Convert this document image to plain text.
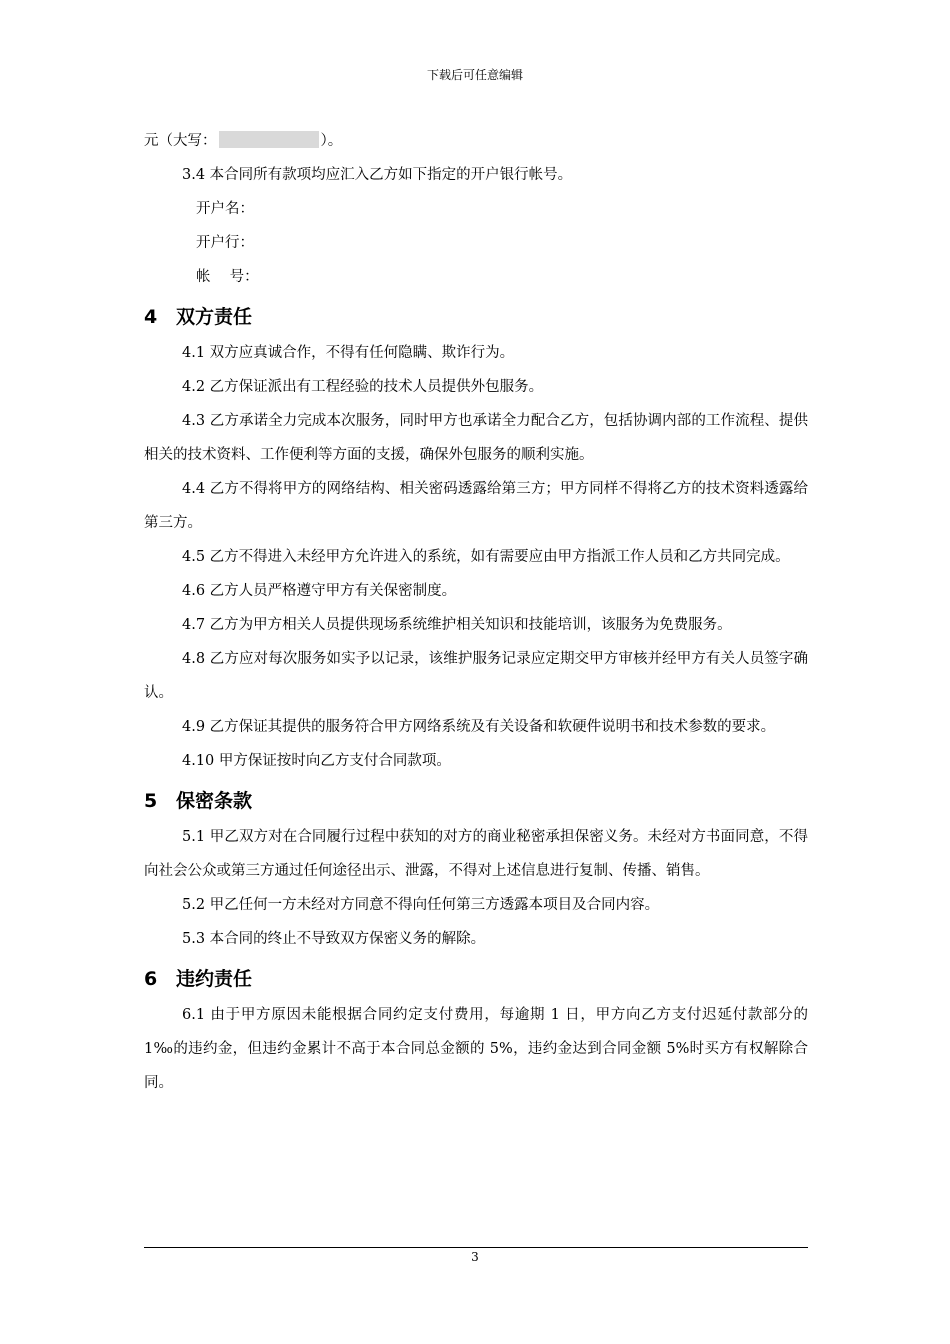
下载后可任意编辑

元（大写：	）。

3.4 本合同所有款项均应汇入乙方如下指定的开户银行帐号。

开户名：

开户行：

帐　 号：

4 双方责任

4.1 双方应真诚合作，不得有任何隐瞒、欺诈行为。

4.2 乙方保证派出有工程经验的技术人员提供外包服务。

4.3 乙方承诺全力完成本次服务，同时甲方也承诺全力配合乙方，包括协调内部的工作流程、提供相关的技术资料、工作便利等方面的支援，确保外包服务的顺利实施。

4.4 乙方不得将甲方的网络结构、相关密码透露给第三方；甲方同样不得将乙方的技术资料透露给第三方。

4.5 乙方不得进入未经甲方允许进入的系统，如有需要应由甲方指派工作人员和乙方共同完成。

4.6 乙方人员严格遵守甲方有关保密制度。

4.7 乙方为甲方相关人员提供现场系统维护相关知识和技能培训，该服务为免费服务。

4.8 乙方应对每次服务如实予以记录，该维护服务记录应定期交甲方审核并经甲方有关人员签字确认。

4.9 乙方保证其提供的服务符合甲方网络系统及有关设备和软硬件说明书和技术参数的要求。

4.10 甲方保证按时向乙方支付合同款项。

5 保密条款

5.1 甲乙双方对在合同履行过程中获知的对方的商业秘密承担保密义务。未经对方书面同意，不得向社会公众或第三方通过任何途径出示、泄露，不得对上述信息进行复制、传播、销售。

5.2 甲乙任何一方未经对方同意不得向任何第三方透露本项目及合同内容。

5.3 本合同的终止不导致双方保密义务的解除。

6 违约责任

6.1 由于甲方原因未能根据合同约定支付费用，每逾期 1 日，甲方向乙方支付迟延付款部分的 1‰的违约金，但违约金累计不高于本合同总金额的 5%，违约金达到合同金额 5%时买方有权解除合同。

3
